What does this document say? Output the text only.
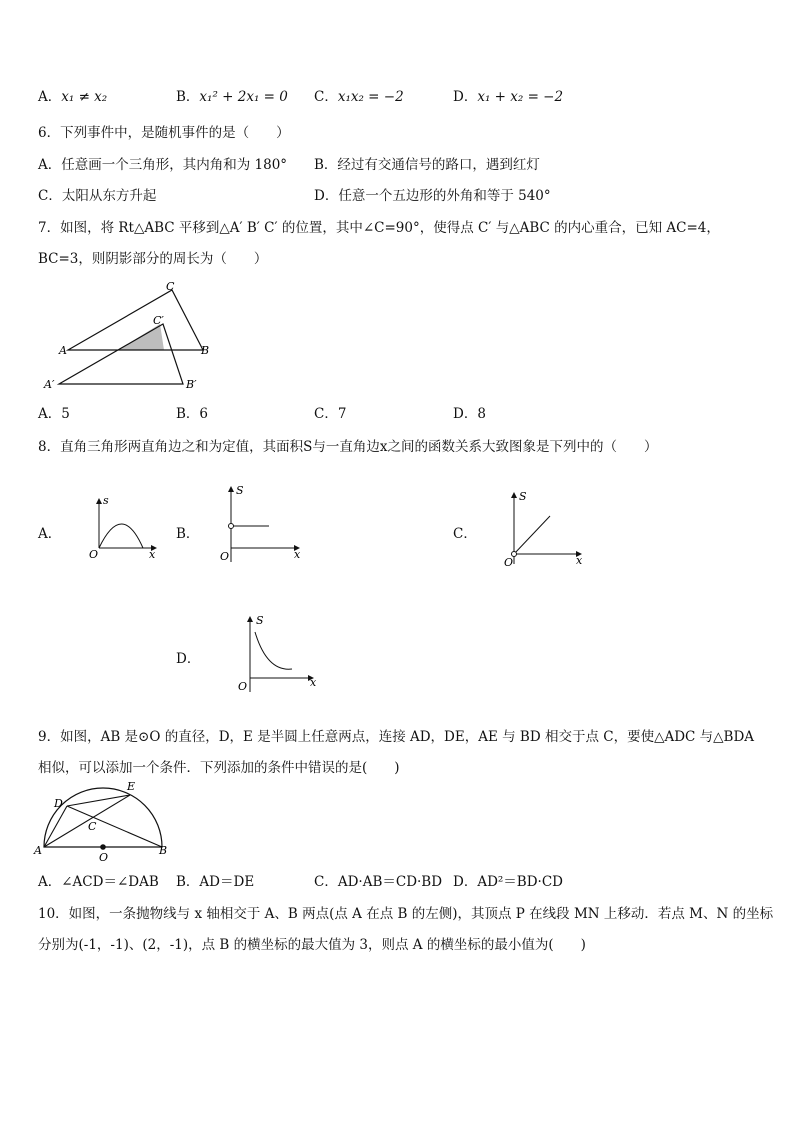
A．x₁ ≠ x₂	B．x₁² + 2x₁ = 0 C．x₁x₂ = −2	D．x₁ + x₂ = −2
6．下列事件中，是随机事件的是（　　）
A．任意画一个三角形，其内角和为 180° B．经过有交通信号的路口，遇到红灯
C．太阳从东方升起	D．任意一个五边形的外角和等于 540°
7．如图，将 Rt△ABC 平移到△A′ B′ C′ 的位置，其中∠C=90°，使得点 C′ 与△ABC 的内心重合，已知 AC=4，
BC=3，则阴影部分的周长为（　　）
A	B
C
C′
A′	B′
A．5	B．6	C．7	D．8
8．直角三角形两直角边之和为定值，其面积S与一直角边x之间的函数关系大致图象是下列中的（　　）
A．
s
x
O
B．
S
x
O
C．
S
x
O
D．
S
x
O
9．如图，AB 是⊙O 的直径，D，E 是半圆上任意两点，连接 AD，DE，AE 与 BD 相交于点 C，要使△ADC 与△BDA
相似，可以添加一个条件．下列添加的条件中错误的是(　　)
A	B
C
D
E
O
A．∠ACD＝∠DAB B．AD＝DE	C．AD·AB＝CD·BD D．AD²＝BD·CD
10．如图，一条抛物线与 x 轴相交于 A、B 两点(点 A 在点 B 的左侧)，其顶点 P 在线段 MN 上移动．若点 M、N 的坐标
分别为(-1，-1)、(2，-1)，点 B 的横坐标的最大值为 3，则点 A 的横坐标的最小值为(　　)
